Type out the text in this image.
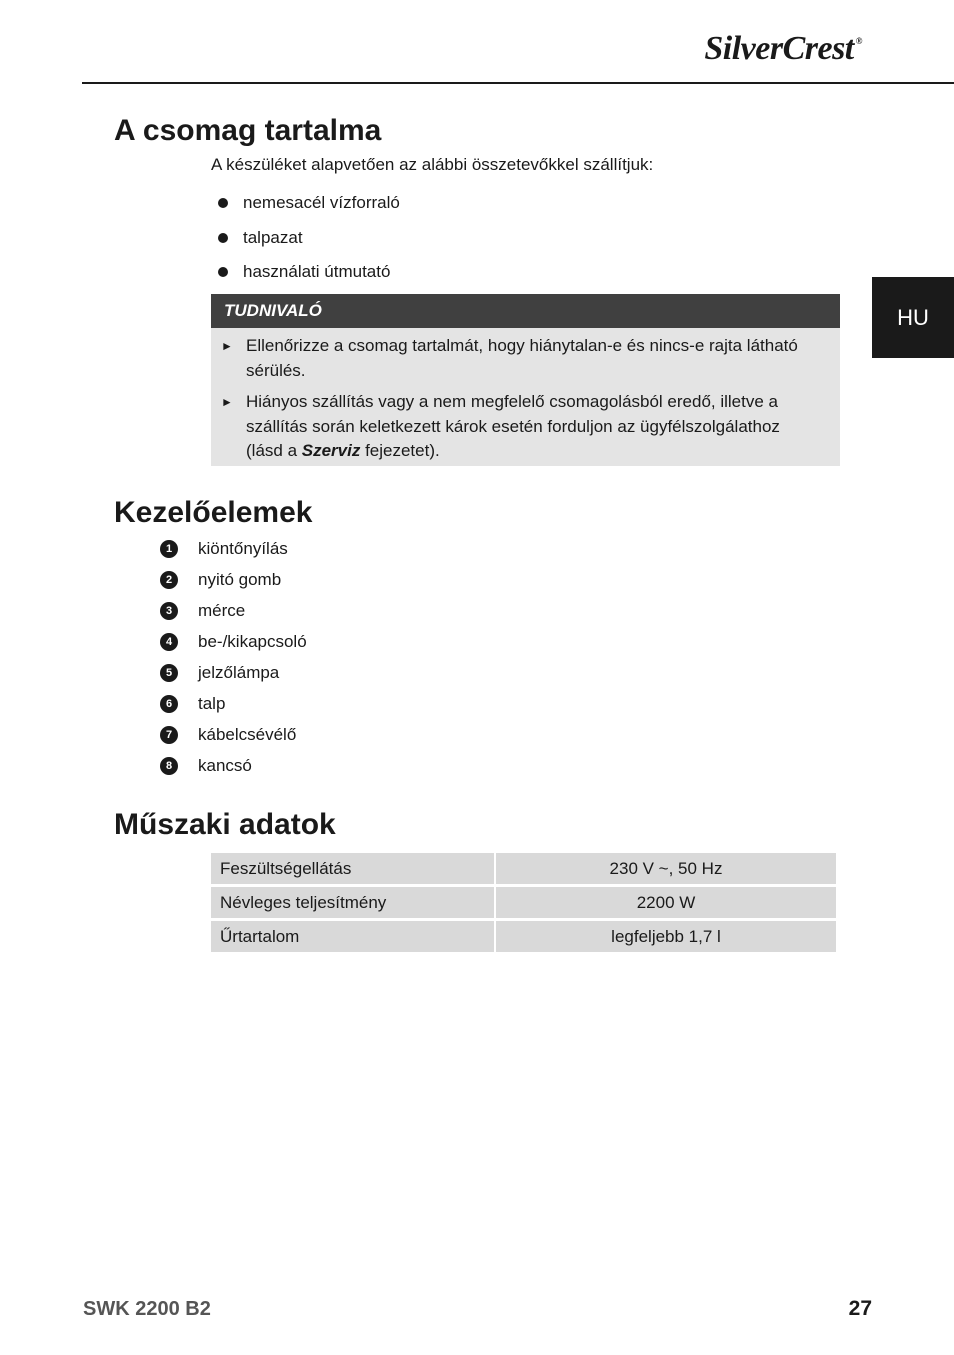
SilverCrest ®
HU
A csomag tartalma
A készüléket alapvetően az alábbi összetevőkkel szállítjuk:
nemesacél vízforraló
talpazat
használati útmutató
TUDNIVALÓ
► Ellenőrizze a csomag tartalmát, hogy hiánytalan-e és nincs-e rajta látható sérülés.
► Hiányos szállítás vagy a nem megfelelő csomagolásból eredő, illetve a szállítás során keletkezett károk esetén forduljon az ügyfélszolgálathoz (lásd a Szerviz fejezetet).
Kezelőelemek
1	kiöntőnyílás
2	nyitó gomb
3	mérce
4	be-/kikapcsoló
5	jelzőlámpa
6	talp
7	kábelcsévélő
8	kancsó
Műszaki adatok
Feszültségellátás	230 V ~, 50 Hz
Névleges teljesítmény	2200 W
Űrtartalom	legfeljebb 1,7 l
SWK 2200 B2	27
